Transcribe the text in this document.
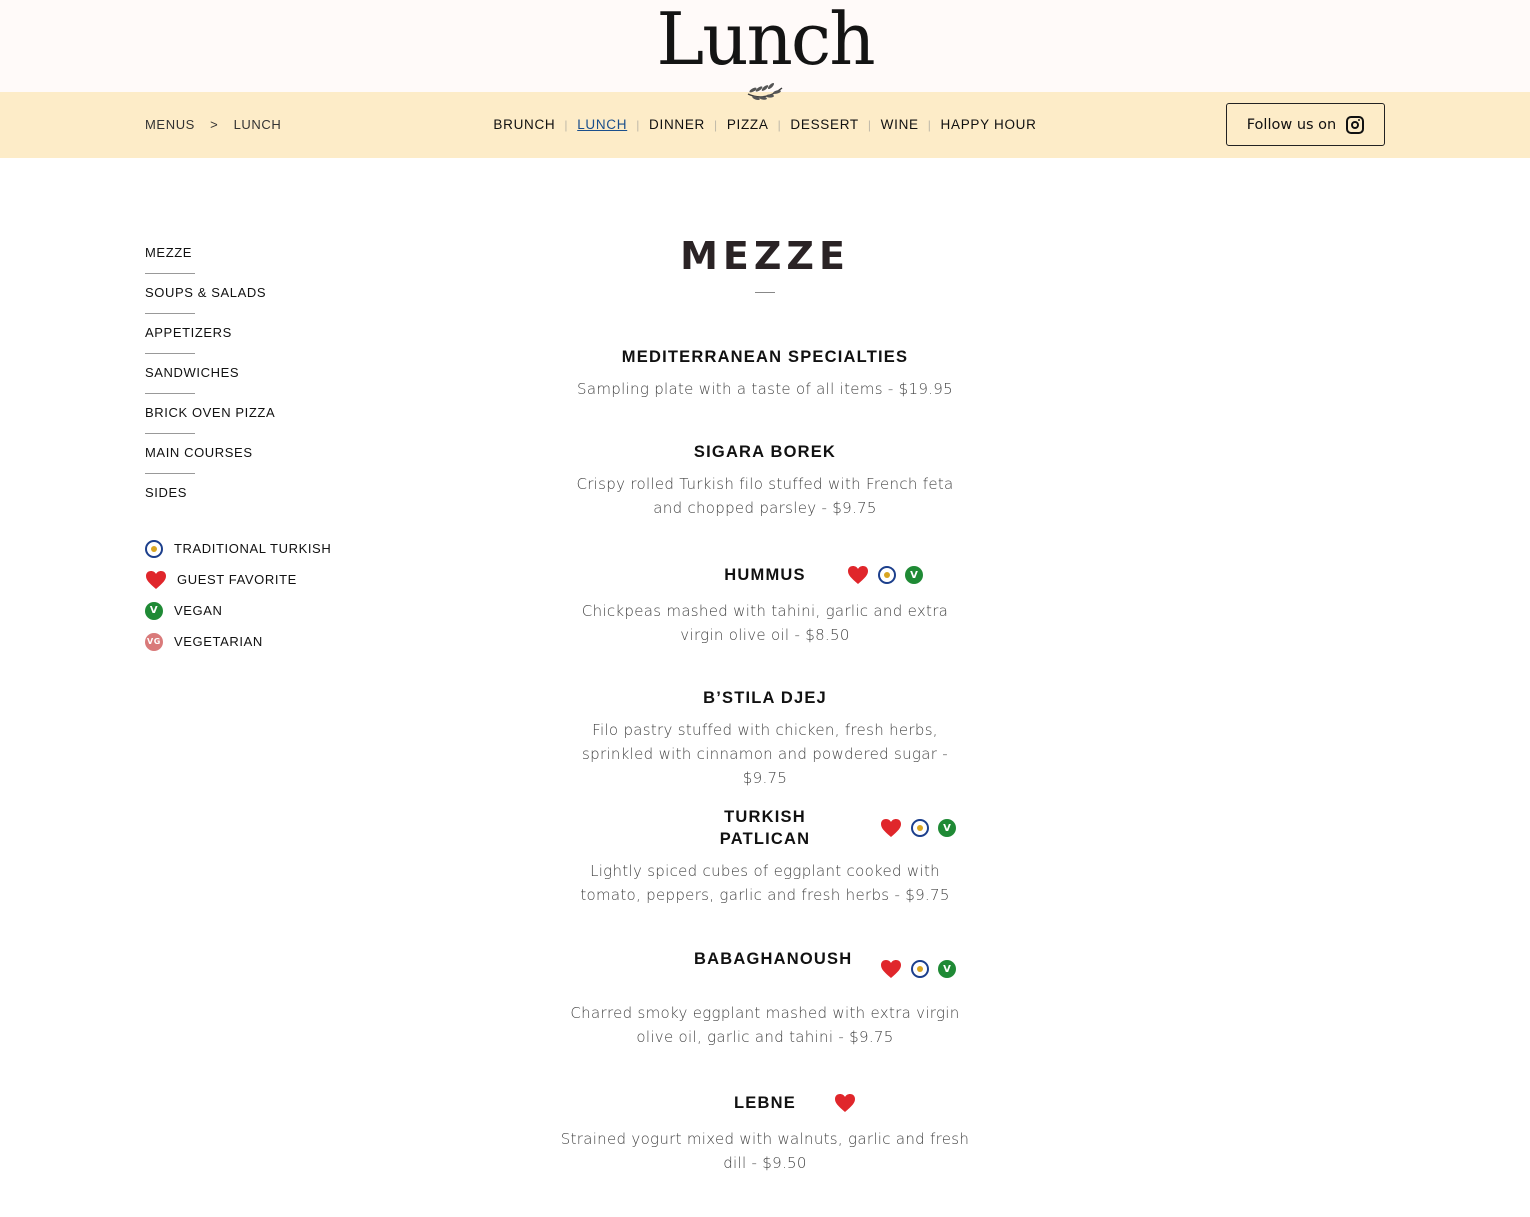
Lunch
MENUS > LUNCH	BRUNCH | LUNCH | DINNER | PIZZA | DESSERT | WINE | HAPPY HOUR	Follow us on
MEZZE
SOUPS & SALADS
APPETIZERS
SANDWICHES
BRICK OVEN PIZZA
MAIN COURSES
SIDES
TRADITIONAL TURKISH
GUEST FAVORITE
V	VEGAN
VG VEGETARIAN
MEZZE
MEDITERRANEAN SPECIALTIES
Sampling plate with a taste of all items - $19.95
SIGARA BOREK
Crispy rolled Turkish filo stuffed with French feta and chopped parsley - $9.75
HUMMUS	V
Chickpeas mashed with tahini, garlic and extra virgin olive oil - $8.50
B’STILA DJEJ
Filo pastry stuffed with chicken, fresh herbs, sprinkled with cinnamon and powdered sugar - $9.75
TURKISH PATLICAN
V
Lightly spiced cubes of eggplant cooked with tomato, peppers, garlic and fresh herbs - $9.75
BABAGHANOUSH
V
Charred smoky eggplant mashed with extra virgin olive oil, garlic and tahini - $9.75
LEBNE
Strained yogurt mixed with walnuts, garlic and fresh dill - $9.50
